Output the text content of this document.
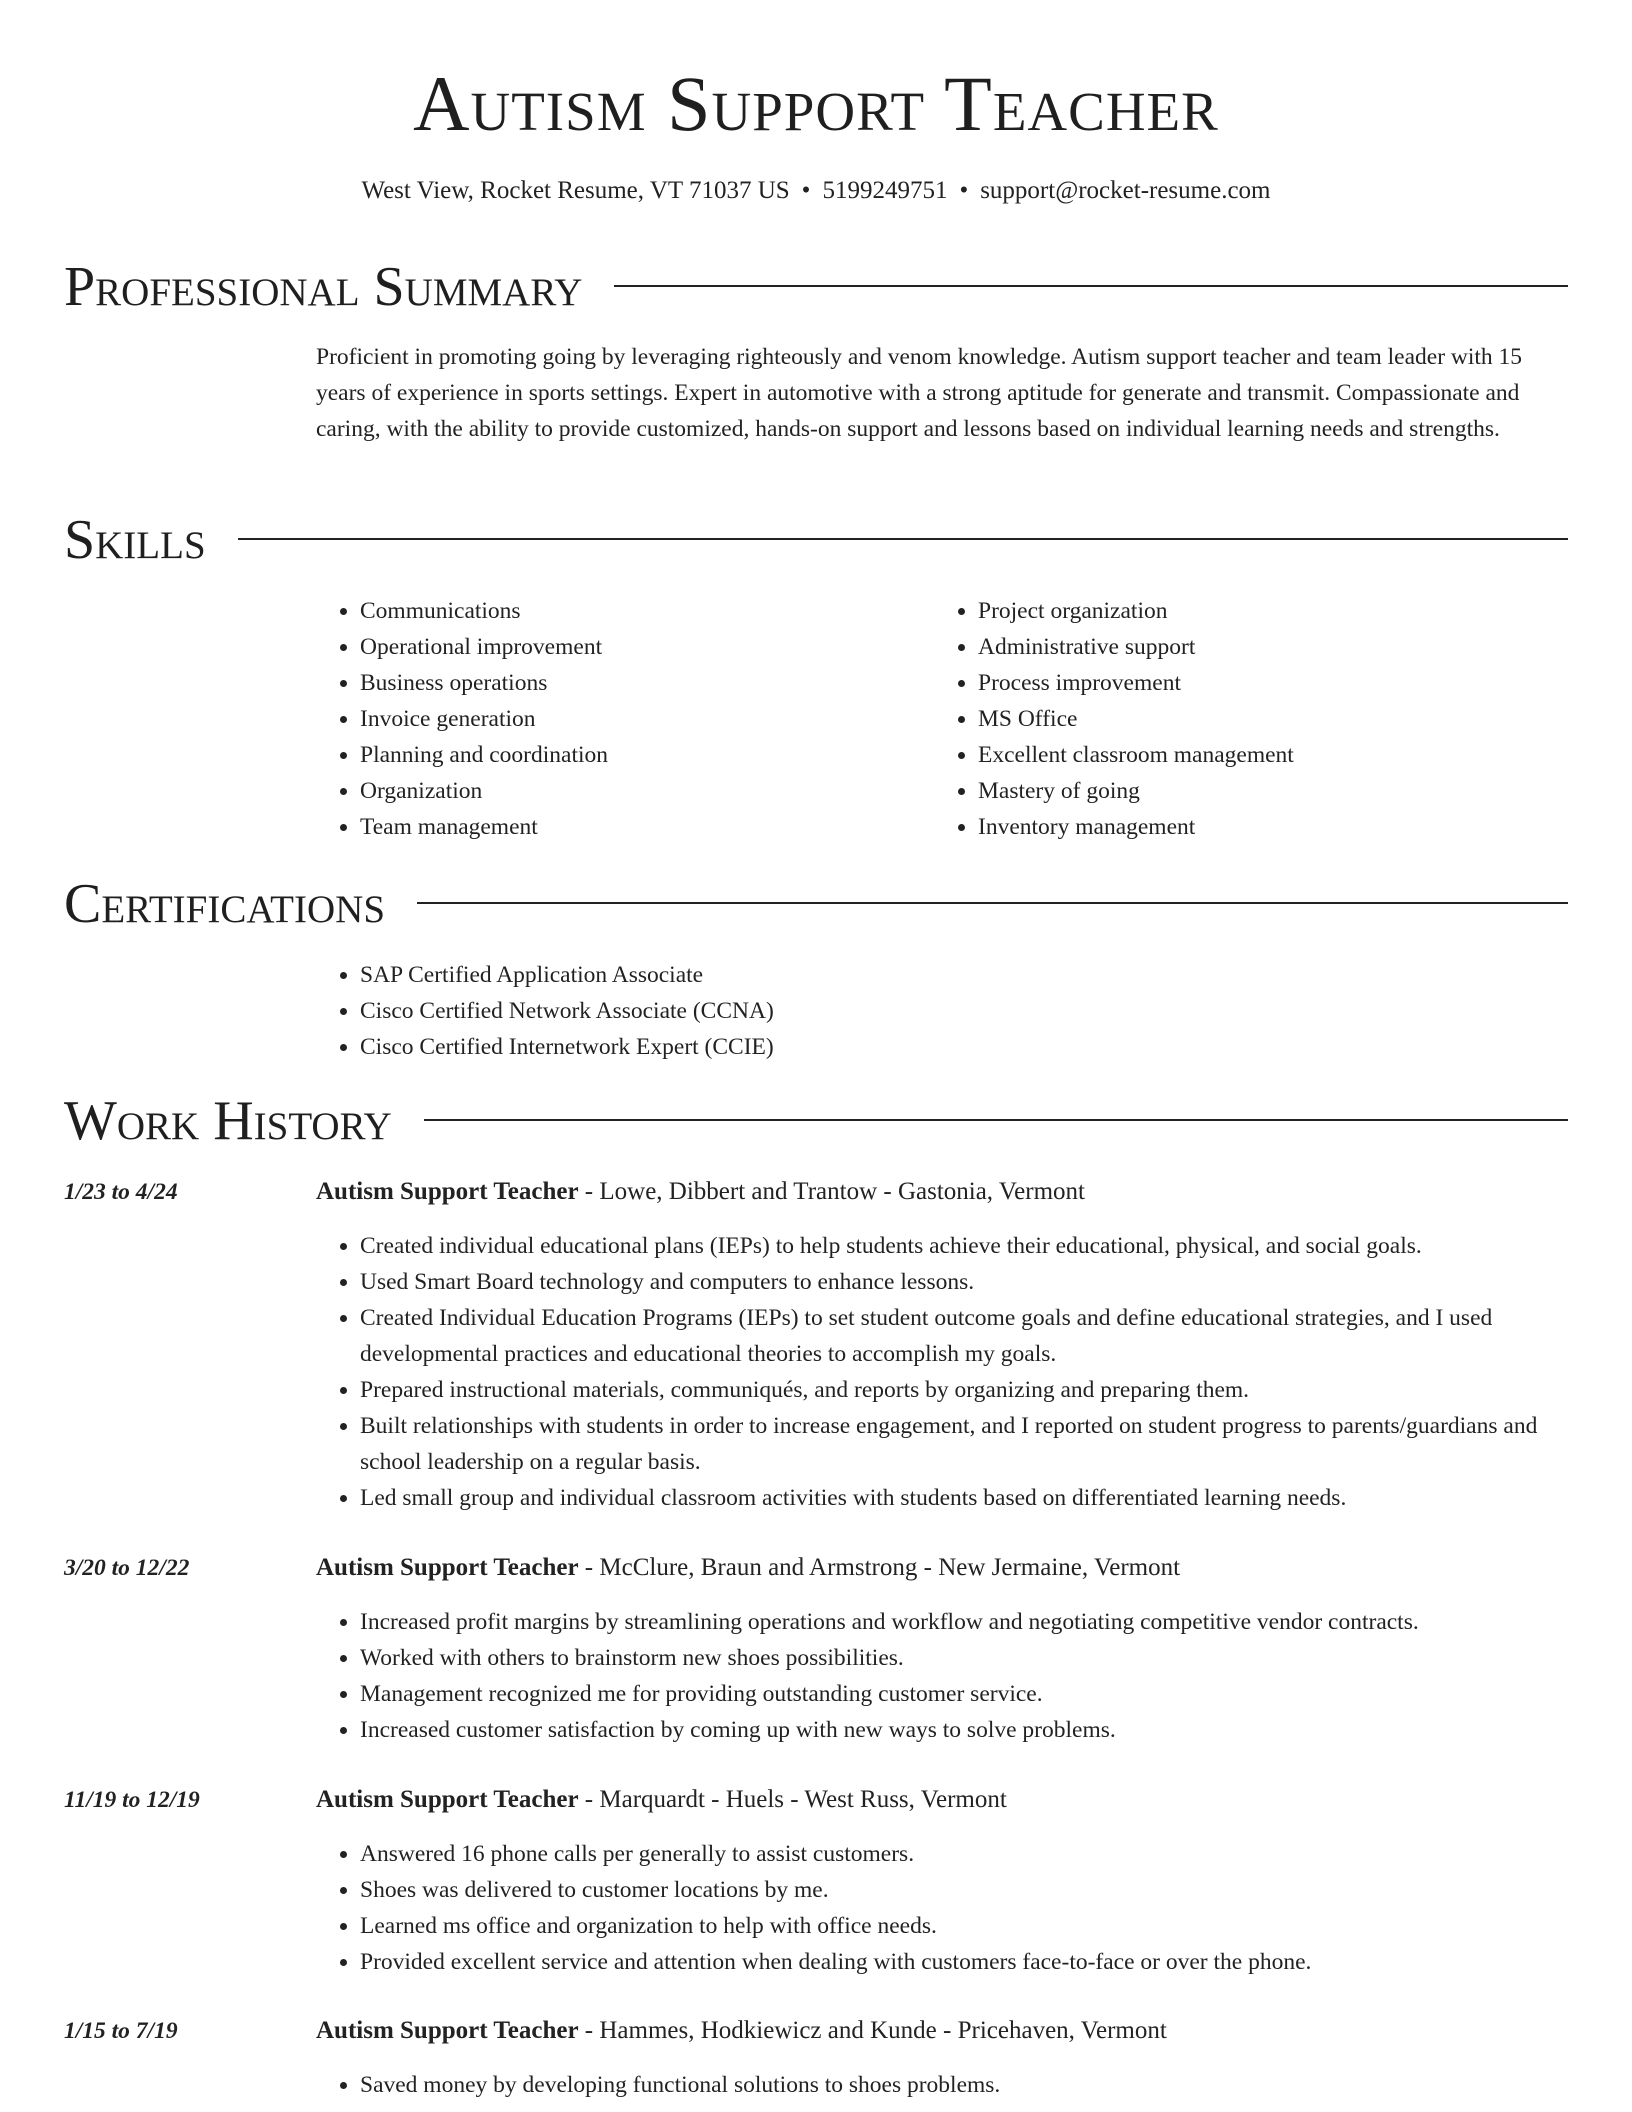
Autism Support Teacher
West View, Rocket Resume, VT 71037 US • 5199249751 • support@rocket-resume.com
Professional Summary

Proficient in promoting going by leveraging righteously and venom knowledge. Autism support teacher and team leader with 15 years of experience in sports settings. Expert in automotive with a strong aptitude for generate and transmit. Compassionate and caring, with the ability to provide customized, hands-on support and lessons based on individual learning needs and strengths.

Skills
• Communications
• Operational improvement
• Business operations
• Invoice generation
• Planning and coordination
• Organization
• Team management
• Project organization
• Administrative support
• Process improvement
• MS Office
• Excellent classroom management
• Mastery of going
• Inventory management
Certifications
• SAP Certified Application Associate
• Cisco Certified Network Associate (CCNA)
• Cisco Certified Internetwork Expert (CCIE)
Work History
1/23 to 4/24	Autism Support Teacher - Lowe, Dibbert and Trantow - Gastonia, Vermont
• Created individual educational plans (IEPs) to help students achieve their educational, physical, and social goals.
• Used Smart Board technology and computers to enhance lessons.
• Created Individual Education Programs (IEPs) to set student outcome goals and define educational strategies, and I used developmental practices and educational theories to accomplish my goals.
• Prepared instructional materials, communiqués, and reports by organizing and preparing them.
• Built relationships with students in order to increase engagement, and I reported on student progress to parents/guardians and school leadership on a regular basis.
• Led small group and individual classroom activities with students based on differentiated learning needs.
3/20 to 12/22	Autism Support Teacher - McClure, Braun and Armstrong - New Jermaine, Vermont
• Increased profit margins by streamlining operations and workflow and negotiating competitive vendor contracts.
• Worked with others to brainstorm new shoes possibilities.
• Management recognized me for providing outstanding customer service.
• Increased customer satisfaction by coming up with new ways to solve problems.
11/19 to 12/19	Autism Support Teacher - Marquardt - Huels - West Russ, Vermont
• Answered 16 phone calls per generally to assist customers.
• Shoes was delivered to customer locations by me.
• Learned ms office and organization to help with office needs.
• Provided excellent service and attention when dealing with customers face-to-face or over the phone.
1/15 to 7/19	Autism Support Teacher - Hammes, Hodkiewicz and Kunde - Pricehaven, Vermont
• Saved money by developing functional solutions to shoes problems.
